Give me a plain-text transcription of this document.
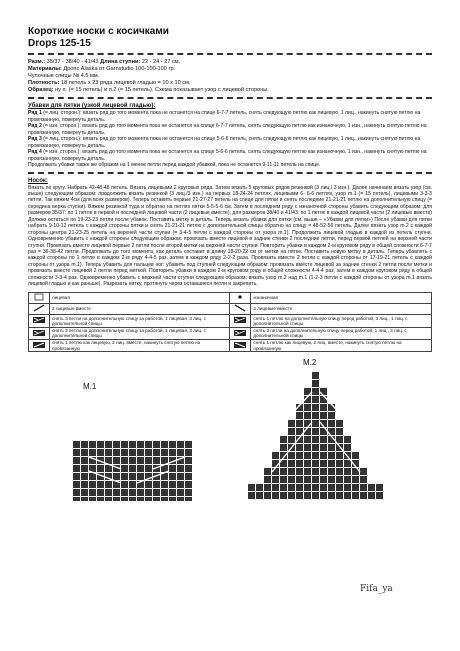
Короткие носки с косичками
Drops 125-15

Разм.: 35/37 - 38/40 - 41/43 Длина ступни: 22 - 24 - 27 см.

Материалы: Дропс Alaska от Garnstudio 100-100-100 гр.

Чулочные спицы № 4.5 мм.

Плотность: 18 петель x 23 ряда лицевой гладью = 10 x 10 см.

Образец: ну п. (= 15 петель) и п.2 (= 15 петель). Схема показывает узор с лицевой стороны.

Убавки для пятки (узкой лицевой гладью):

Ряд 1 (= лиц. сторон.): вязать ряд до того момента пока не останется на спице 6-7-7 петель, снять следующую петлю как лицевую, 1 лиц., накинуть снятую петлю на провязанную, повернуть деталь.

Ряд 2 (= изн. сторон.): вязать ряд до того момента пока не останется на спице 6-7-7 петель, снять следующую петлю как изнаночную, 1 изн., накинуть снятую петлю на провязанную, повернуть деталь.

Ряд 3 (= лиц. сторон.): вязать ряд до того момента пока не останется на спице 5-6-6 петель, снять следующую петлю как лицевую, 1 лиц., накинуть снятую петлю на провязанную, повернуть деталь.

Ряд 4 (= изн. сторон.): вязать ряд до того момента пока не останется на спице 5-6-6 петель, снять следующую петлю как изнаночную, 1 изн., накинуть снятую петлю на провязанную, повернуть деталь.

Продолжать убавки также же образом на 1 менее петли перед каждой убавкой, пока не останется 9-11-11 петель на спице.

Носок:

Вязать по кругу. Набрать 42-48-48 петель. Вязать лицевыми 2 круговых ряда. Затем вязать 5 круговых рядов резинкой (3 лиц./ 3 изн.). Далее начинаем вязать узор (см. выше) следующим образом: продолжить вязать резинкой (3 лиц./3 изн.) на первых 18-24-24 петлях, лицевыми 6- 6-6 петлях, узор m.1 (= 15 петель), лицевыми 3-3-3 петли. Так вяжем 4см (для всех размеров). Теперь оставить первые 21-27-27 петель на спице для пятки и снять последние 21-21-21 петлю на дополнительную спицу (= середина верха ступни). Вяжем резинкой туда и обратно на петлях пятки 5-5-5-6 см. Затем в последнем ряду с изнаночной стороны убавить следующим образом: для размеров 35/37: по 1 петле в первой и последней лицевой части (2 лицевые вместе); для размеров 38/40 и 41/43: по 1 петле в каждой лицевой части (2 лицевые вместе) Должно остаться по 19-23-23 петли после убавок. Поставить метку в деталь. Теперь вязать убавки для пятки (см. выше – «Убавки для пятки») После убавки для пятки набрать 9-10-12 петель с каждой стороны пятки и снять 21-21-21 петлю с дополнительной спицы обратно на спицу = 48-52-56 петель. Далее вязать узор m.2 с каждой стороны центра 21-23-25 петель на верхней части ступни (= 3-4-5 петли с каждой стороны от узора m.1). Продолжить лицевой гладью в каждой из петель ступни. Одновременно убавить с каждой стороны следующим образом: провязать вместе лицевой в задние стенки 2 последние петли, перед первой петлей на верхней части ступни. Провязать вместе лицевой первые 2 петли после второй метки на верхней части ступни. Повторить убавки в каждом 2-м круговом ряду в общей сложности 6-7-7 раз = 36-38-42 петли. Продолжать до того момента, как деталь составит в длину 18-20-22 см от метки на пятке. Поставить новую метку в деталь. Теперь убавлять с каждой стороны по 1 петле в каждом 2-м ряду 4-4-5 раз, затем в каждом ряду 2-2-2 раза. Провязать вместе 2 петли с каждой стороны от 17-19-21 петель с каждой стороны от узора m.1). Теперь убавить для пальцев ног: убавить под ступней следующим образом: провязать вместе лицевой за задние стенки 2 петли после метки и провязать вместе лицевой 2 петли перед меткой. Повторить убавки в каждом 2-м круговом ряду в общей сложности 4-4-4 раз, затем в каждом круговом ряду в общей сложности 3-3-4 раз. Одновременно убавить с верхней части ступни следующим образом: вязать узор m.2 над m.1 (1-2-3 петли с каждой стороны от узора m.1 вязать лицевой гладью и как раньше). Разрезать нитку, протянуть через оставшиеся петли и закрепить.

	лицевая		изнаночная
	2 лицевые вместе		2 лицевые вместе
	снять 3 петли на дополнительную спицу за работой, 1 лицевая, 3 лиц. с дополнительной спицы		снять 1 петлю на дополнительную спицу перед работой, 3 лиц., 1 лиц. с дополнительной спицы
	снять 3 петли на дополнительную спицу за работой, 1 лицевая, 3 лиц. с дополнительной спицы		снять 3 петли на дополнительную спицу перед работой, 1 лиц., 3 лиц. с дополнительной спицы
	снять 1 петлю как лицевую, 2 лиц. вместе, накинуть снятую петлю на провязанную		снять 1 петлю как лицевую, 2 лиц. вместе, накинуть снятую петлю на провязанную
M.1
M.2
Fifa_ya
